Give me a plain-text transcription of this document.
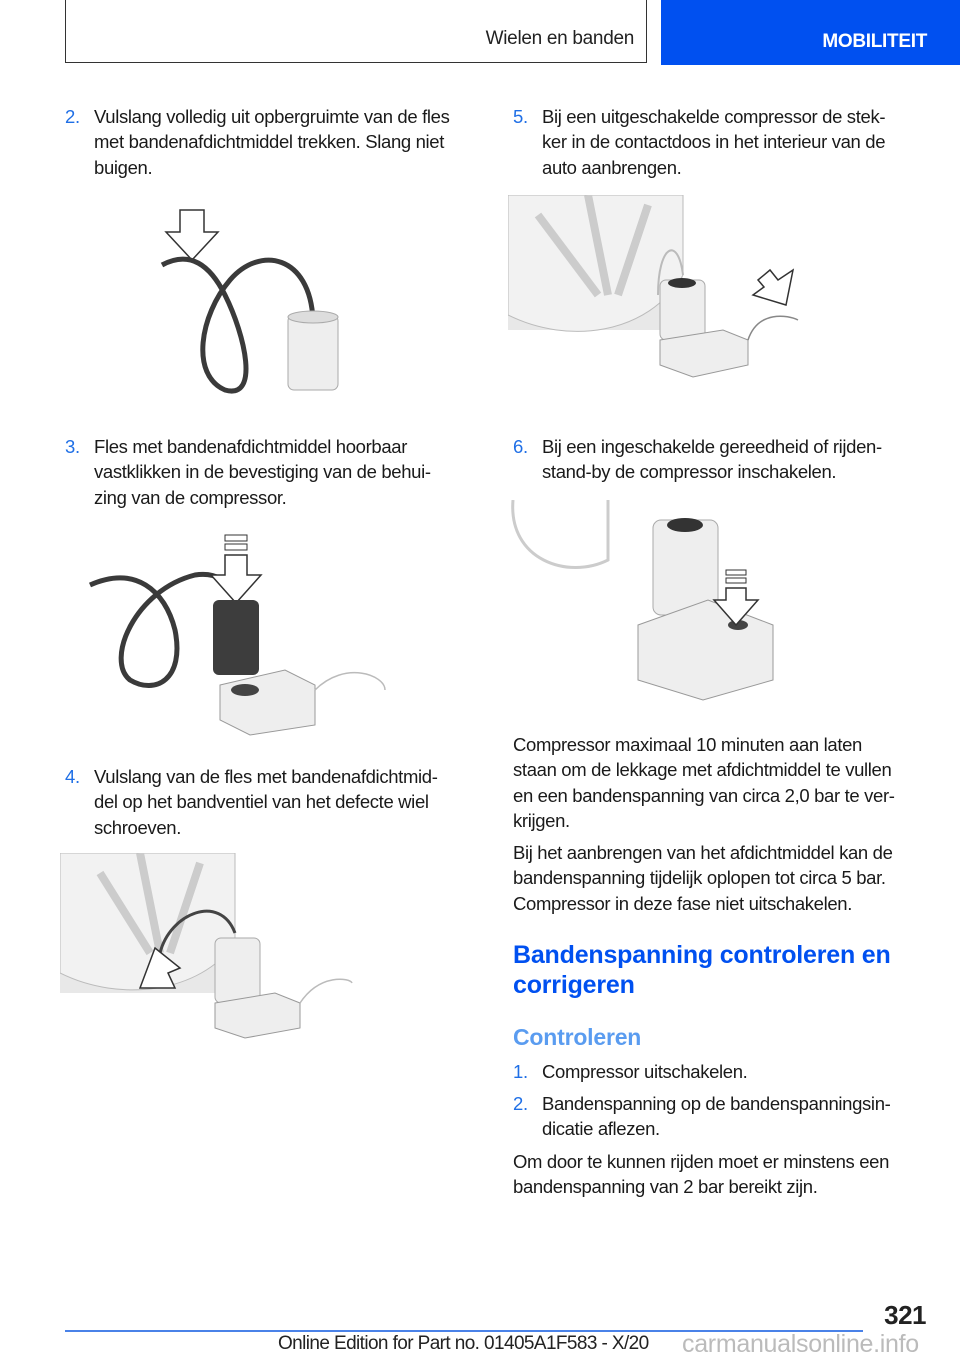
Wielen en banden	MOBILITEIT
2. Vulslang volledig uit opbergruimte van de fles
met bandenafdichtmiddel trekken. Slang niet
buigen.
3. Fles met bandenafdichtmiddel hoorbaar
vastklikken in de bevestiging van de behui-
zing van de compressor.
4. Vulslang van de fles met bandenafdichtmid-
del op het bandventiel van het defecte wiel
schroeven.
5. Bij een uitgeschakelde compressor de stek-
ker in de contactdoos in het interieur van de
auto aanbrengen.
6. Bij een ingeschakelde gereedheid of rijden-
stand-by de compressor inschakelen.
Compressor maximaal 10 minuten aan laten
staan om de lekkage met afdichtmiddel te vullen
en een bandenspanning van circa 2,0 bar te ver-
krijgen.
Bij het aanbrengen van het afdichtmiddel kan de
bandenspanning tijdelijk oplopen tot circa 5 bar.
Compressor in deze fase niet uitschakelen.
Bandenspanning controleren en
corrigeren
Controleren
1. Compressor uitschakelen.
2. Bandenspanning op de bandenspanningsin-
dicatie aflezen.
Om door te kunnen rijden moet er minstens een
bandenspanning van 2 bar bereikt zijn.
321
Online Edition for Part no. 01405A1F583 - X/20 carmanualsonline.info
